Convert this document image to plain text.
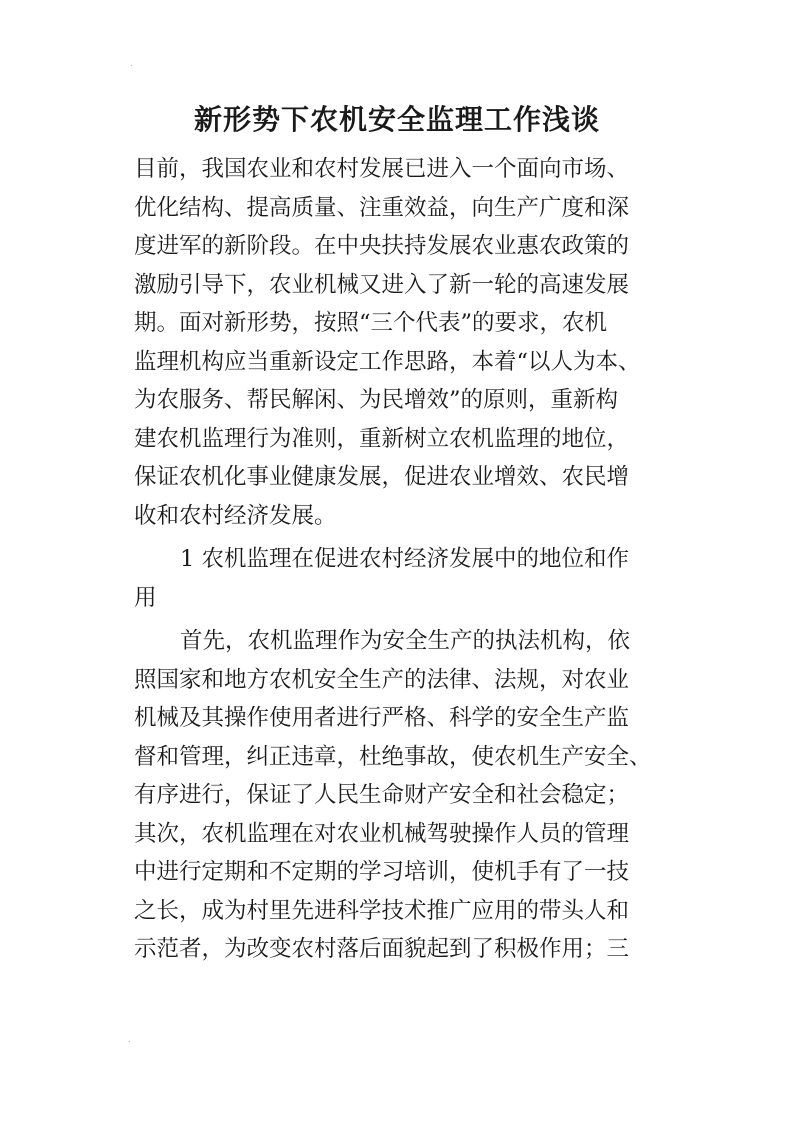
.
新形势下农机安全监理工作浅谈
目前，我国农业和农村发展已进入一个面向市场、
优化结构、提高质量、注重效益，向生产广度和深
度进军的新阶段。在中央扶持发展农业惠农政策的
激励引导下，农业机械又进入了新一轮的高速发展
期。面对新形势，按照“三个代表”的要求，农机
监理机构应当重新设定工作思路，本着“以人为本、
为农服务、帮民解闲、为民增效”的原则，重新构
建农机监理行为准则，重新树立农机监理的地位，
保证农机化事业健康发展，促进农业增效、农民增
收和农村经济发展。
1 农机监理在促进农村经济发展中的地位和作
用
首先，农机监理作为安全生产的执法机构，依
照国家和地方农机安全生产的法律、法规，对农业
机械及其操作使用者进行严格、科学的安全生产监
督和管理，纠正违章，杜绝事故，使农机生产安全、
有序进行，保证了人民生命财产安全和社会稳定；
其次，农机监理在对农业机械驾驶操作人员的管理
中进行定期和不定期的学习培训，使机手有了一技
之长，成为村里先进科学技术推广应用的带头人和
示范者，为改变农村落后面貌起到了积极作用；三
.
